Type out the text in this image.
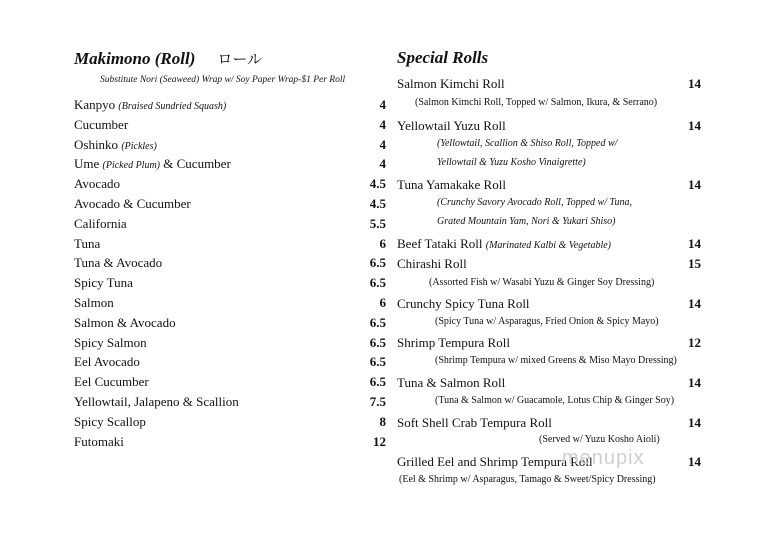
Makimono (Roll) ロール
Substitute Nori (Seaweed) Wrap w/ Soy Paper Wrap-$1 Per Roll
Kanpyo (Braised Sundried Squash)	4
Cucumber	4
Oshinko (Pickles)	4
Ume (Picked Plum) & Cucumber	4
Avocado	4.5
Avocado & Cucumber	4.5
California	5.5
Tuna	6
Tuna & Avocado	6.5
Spicy Tuna	6.5
Salmon	6
Salmon & Avocado	6.5
Spicy Salmon	6.5
Eel Avocado	6.5
Eel Cucumber	6.5
Yellowtail, Jalapeno & Scallion	7.5
Spicy Scallop	8
Futomaki	12
Special Rolls
Salmon Kimchi Roll	14
(Salmon Kimchi Roll, Topped w/ Salmon, Ikura, & Serrano)
Yellowtail Yuzu Roll	14
(Yellowtail, Scallion & Shiso Roll, Topped w/
Yellowtail & Yuzu Kosho Vinaigrette)
Tuna Yamakake Roll	14
(Crunchy Savory Avocado Roll, Topped w/ Tuna,
Grated Mountain Yam, Nori & Yukari Shiso)
Beef Tataki Roll (Marinated Kalbi & Vegetable)	14
Chirashi Roll	15
(Assorted Fish w/ Wasabi Yuzu & Ginger Soy Dressing)
Crunchy Spicy Tuna Roll	14
(Spicy Tuna w/ Asparagus, Fried Onion & Spicy Mayo)
Shrimp Tempura Roll	12
(Shrimp Tempura w/ mixed Greens & Miso Mayo Dressing)
Tuna & Salmon Roll	14
(Tuna & Salmon w/ Guacamole, Lotus Chip & Ginger Soy)
Soft Shell Crab Tempura Roll	14
(Served w/ Yuzu Kosho Aioli)
Grilled Eel and Shrimp Tempura Roll	14
(Eel & Shrimp w/ Asparagus, Tamago & Sweet/Spicy Dressing)
menupix
